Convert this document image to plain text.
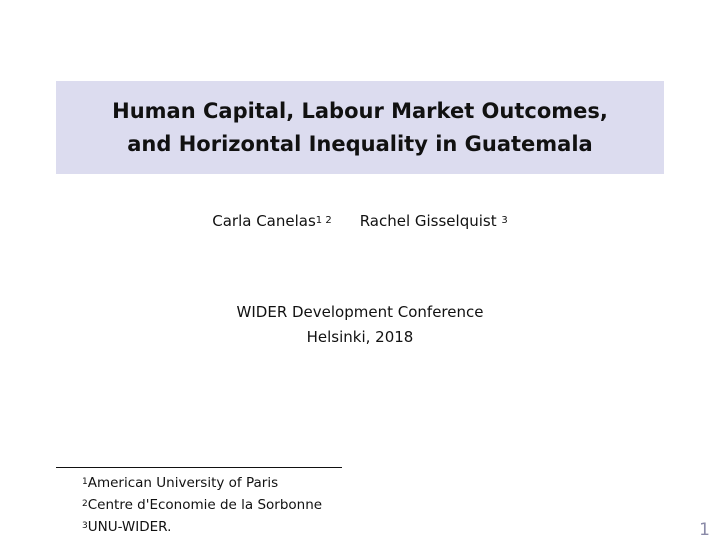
Human Capital, Labour Market Outcomes,
and Horizontal Inequality in Guatemala
Carla Canelas$^{1 2}$ Rachel Gisselquist $^3$
WIDER Development Conference
Helsinki, 2018
$^1$American University of Paris
$^2$Centre d'Economie de la Sorbonne
$^3$UNU-WIDER.	1
